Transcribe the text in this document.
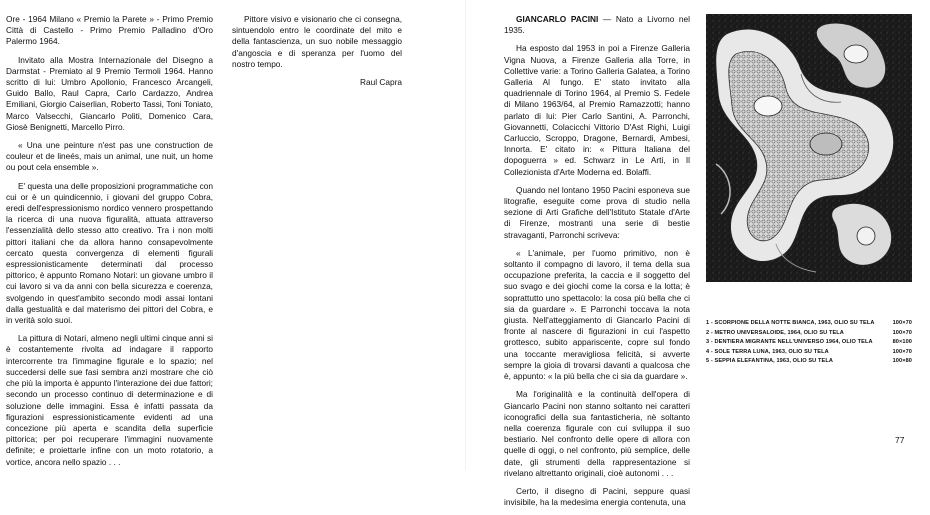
Ore - 1964 Milano « Premio la Parete » - Primo Premio Città di Castello - Primo Premio Palladino d'Oro Palermo 1964.

Invitato alla Mostra Internazionale del Disegno a Darmstat - Premiato al 9 Premio Termoli 1964. Hanno scritto di lui: Umbro Apollonio, Francesco Arcangeli, Guido Ballo, Raul Capra, Carlo Cardazzo, Andrea Emiliani, Giorgio Caiserlian, Roberto Tassi, Toni Toniato, Marco Valsecchi, Giancarlo Politi, Domenico Cara, Giosè Benignetti, Marcello Pirro.

« Una une peinture n'est pas une construction de couleur et de lineés, mais un animal, une nuit, un home ou pout cela ensemble ».

E' questa una delle proposizioni programmatiche con cui or è un quindicennio, i giovani del gruppo Cobra, eredi dell'espressionismo nordico vennero prospettando la ricerca di una nuova figuralità, attuata attraverso l'essenzialità dello stesso atto creativo. Tra i non molti pittori italiani che da allora hanno consapevolmente cercato questa convergenza di elementi figurali espressionisticamente determinati dal processo pittorico, è appunto Romano Notari: un giovane umbro il cui lavoro si va da anni con bella sicurezza e coerenza, svolgendo in quest'ambito secondo modi assai lontani dalla gestualità e dal materismo dei pittori del Cobra, e in verità solo suoi.

La pittura di Notari, almeno negli ultimi cinque anni si è costantemente rivolta ad indagare il rapporto intercorrente tra l'immagine figurale e lo spazio; nel succedersi delle sue fasi sembra anzi mostrare che ciò che più la importa è appunto l'interazione dei due fattori; secondo un processo continuo di determinazione e di soluzione delle immagini. Essa è infatti passata da figurazioni espressionisticamente evidenti ad una concezione più aperta e scandita della superficie pittorica; per poi recuperare l'immagini nuovamente definite; e proiettarle infine con un moto rotatorio, a vortice, ancora nello spazio . . .

Pittore visivo e visionario che ci consegna, sintuendolo entro le coordinate del mito e della fantascienza, un suo nobile messaggio d'angoscia e di speranza per l'uomo del nostro tempo.

Raul Capra

GIANCARLO PACINI — Nato a Livorno nel 1935.

Ha esposto dal 1953 in poi a Firenze Galleria Vigna Nuova, a Firenze Galleria alla Torre, in Collettive varie: a Torino Galleria Galatea, a Torino Galleria Al fungo. E' stato invitato alla quadriennale di Torino 1964, al Premio S. Fedele di Milano 1963/64, al Premio Ramazzotti; hanno parlato di lui: Pier Carlo Santini, A. Parronchi, Giovannetti, Colacicchi Vittorio D'Ast Righi, Luigi Carluccio, Scroppo, Dragone, Bernardi, Ambesi, Innorta. E' citato in: « Pittura Italiana del dopoguerra » ed. Schwarz in Le Arti, in Il Collezionista d'Arte Moderna ed. Bolaffi.

Quando nel lontano 1950 Pacini esponeva sue litografie, eseguite come prova di studio nella sezione di Arti Grafiche dell'Istituto Statale d'Arte di Firenze, mostranti una serie di bestie stravaganti, Parronchi scriveva:

« L'animale, per l'uomo primitivo, non è soltanto il compagno di lavoro, il tema della sua occupazione preferita, la caccia e il soggetto del suo svago e dei giochi come la corsa e la lotta; è soprattutto uno spettacolo: la cosa più bella che ci sia da guardare ». E Parronchi toccava la nota giusta. Nell'atteggiamento di Giancarlo Pacini di fronte al nascere di figurazioni in cui l'aspetto grottesco, subito appariscente, copre sul fondo una toccante meravigliosa felicità, si avverte sempre la gioia di trovarsi davanti a qualcosa che è, appunto: « la più bella che ci sia da guardare ».

Ma l'originalità e la continuità dell'opera di Giancarlo Pacini non stanno soltanto nei caratteri iconografici della sua fantasticheria, nè soltanto nella coerenza figurale con cui sviluppa il suo bestiario. Nel confronto delle opere di allora con quelle di oggi, o nel confronto, più semplice, delle date, gli strumenti della rappresentazione si rivelano altrettanto originali, cioè autonomi . . .

Certo, il disegno di Pacini, seppure quasi invisibile, ha la medesima energia contenuta, una

1 - SCORPIONE DELLA NOTTE BIANCA, 1963, OLIO SU TELA	100×70
2 - METRO UNIVERSALOIDE, 1964, OLIO SU TELA	100×70
3 - DENTIERA MIGRANTE NELL'UNIVERSO 1964, OLIO TELA	80×100
4 - SOLE TERRA LUNA, 1963, OLIO SU TELA	100×70
5 - SEPPIA ELEFANTINA, 1963, OLIO SU TELA	100×80
77
